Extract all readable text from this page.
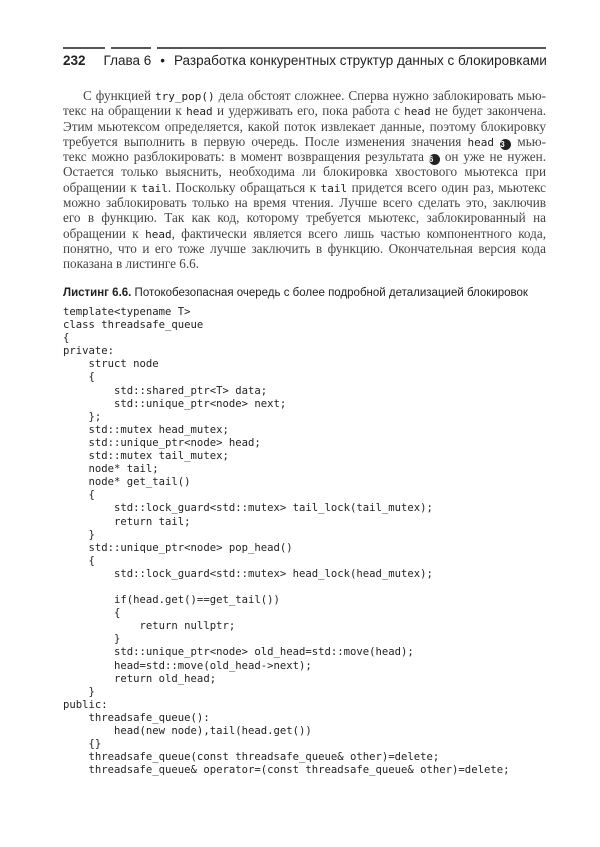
232 Глава 6 • Разработка конкурентных структур данных с блокировками
С функцией try_pop() дела обстоят сложнее. Сперва нужно заблокировать мью-
текс на обращении к head и удерживать его, пока работа с head не будет закончена.
Этим мьютексом определяется, какой поток извлекает данные, поэтому блокировку
требуется выполнить в первую очередь. После изменения значения head 3 мью-
текс можно разблокировать: в момент возвращения результата 6 он уже не нужен.
Остается только выяснить, необходима ли блокировка хвостового мьютекса при
обращении к tail. Поскольку обращаться к tail придется всего один раз, мьютекс
можно заблокировать только на время чтения. Лучше всего сделать это, заключив
его в функцию. Так как код, которому требуется мьютекс, заблокированный на
обращении к head, фактически является всего лишь частью компонентного кода,
понятно, что и его тоже лучше заключить в функцию. Окончательная версия кода
показана в листинге 6.6.
Листинг 6.6. Потокобезопасная очередь с более подробной детализацией блокировок
template<typename T>
class threadsafe_queue
{
private:
struct node
{
std::shared_ptr<T> data;
std::unique_ptr<node> next;
};
std::mutex head_mutex;
std::unique_ptr<node> head;
std::mutex tail_mutex;
node* tail;
node* get_tail()
{
std::lock_guard<std::mutex> tail_lock(tail_mutex);
return tail;
}
std::unique_ptr<node> pop_head()
{
std::lock_guard<std::mutex> head_lock(head_mutex);
if(head.get()==get_tail())
{
return nullptr;
}
std::unique_ptr<node> old_head=std::move(head);
head=std::move(old_head->next);
return old_head;
}
public:
threadsafe_queue():
head(new node),tail(head.get())
{}
threadsafe_queue(const threadsafe_queue& other)=delete;
threadsafe_queue& operator=(const threadsafe_queue& other)=delete;
